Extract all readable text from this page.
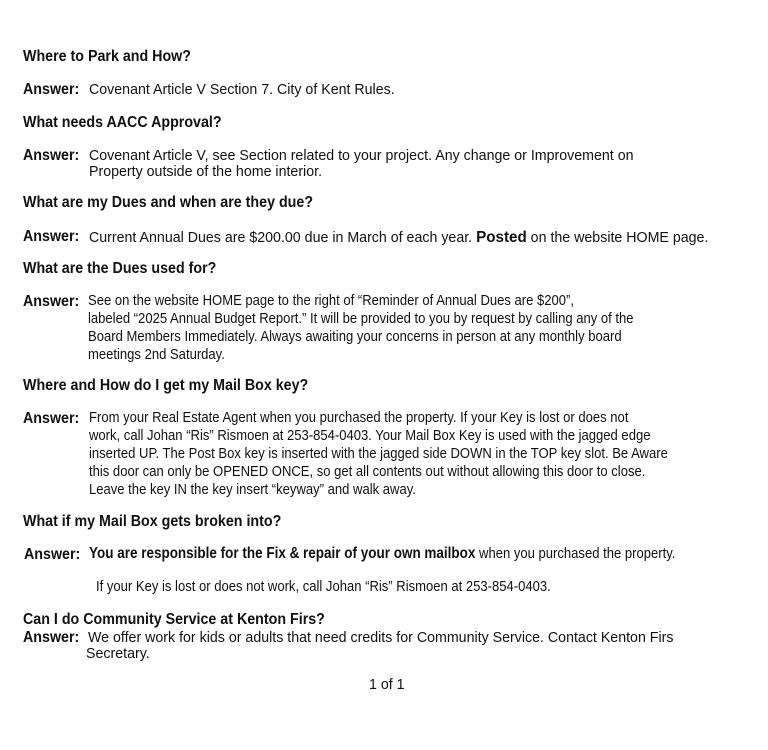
Where to Park and How?
Answer: Covenant Article V Section 7. City of Kent Rules.
What needs AACC Approval?
Answer: Covenant Article V, see Section related to your project. Any change or Improvement on
Property outside of the home interior.
What are my Dues and when are they due?
Answer: Current Annual Dues are $200.00 due in March of each year. Posted on the website HOME page.
What are the Dues used for?
Answer: See on the website HOME page to the right of “Reminder of Annual Dues are $200”,
labeled “2025 Annual Budget Report.” It will be provided to you by request by calling any of the
Board Members Immediately. Always awaiting your concerns in person at any monthly board
meetings 2nd Saturday.
Where and How do I get my Mail Box key?
Answer: From your Real Estate Agent when you purchased the property. If your Key is lost or does not
work, call Johan “Ris” Rismoen at 253-854-0403. Your Mail Box Key is used with the jagged edge
inserted UP. The Post Box key is inserted with the jagged side DOWN in the TOP key slot. Be Aware
this door can only be OPENED ONCE, so get all contents out without allowing this door to close.
Leave the key IN the key insert “keyway” and walk away.
What if my Mail Box gets broken into?
Answer: You are responsible for the Fix & repair of your own mailbox when you purchased the property.
If your Key is lost or does not work, call Johan “Ris” Rismoen at 253-854-0403.
Can I do Community Service at Kenton Firs?
Answer: We offer work for kids or adults that need credits for Community Service. Contact Kenton Firs
Secretary.
1 of 1
